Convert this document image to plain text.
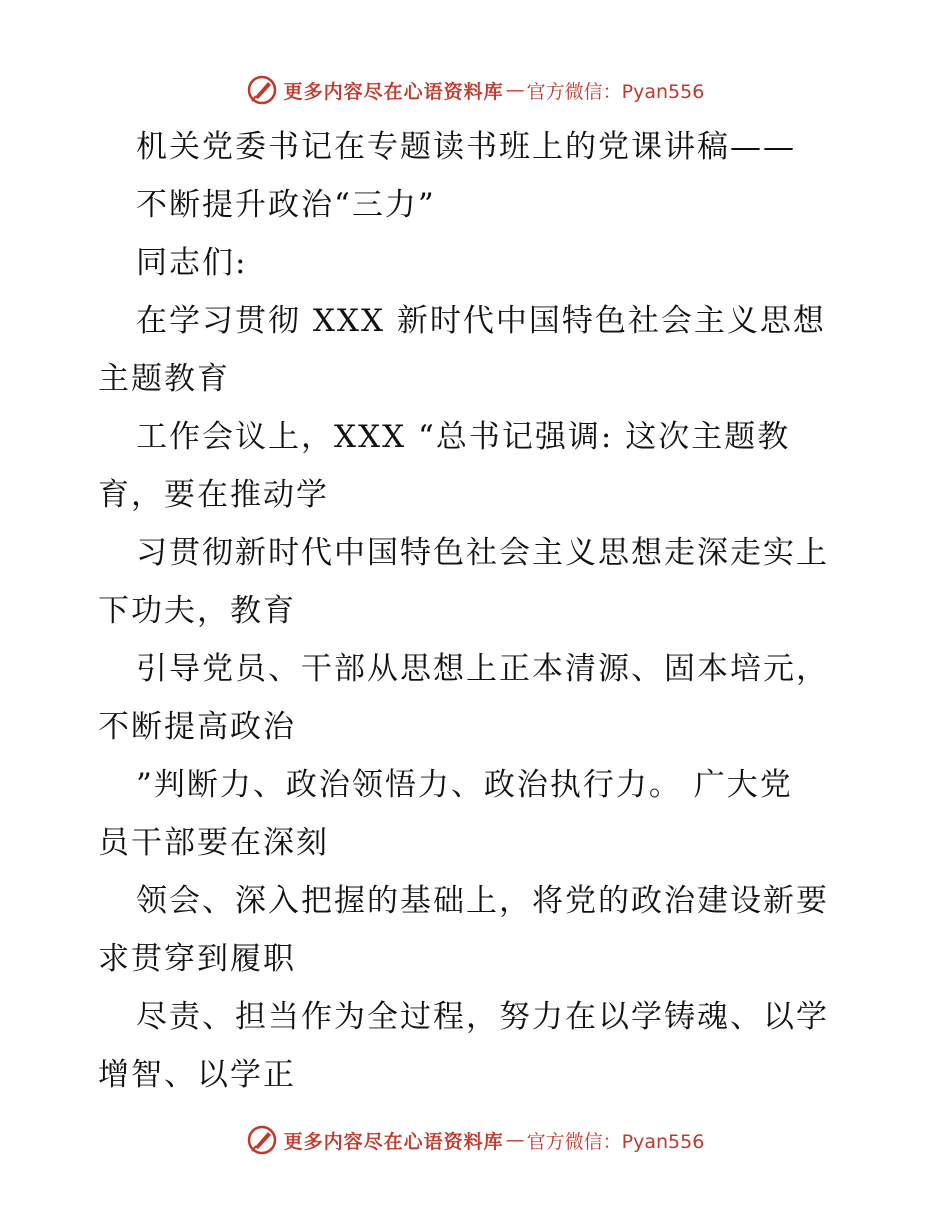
更多内容尽在心语资料库 — 官方微信：Pyan556
机关党委书记在专题读书班上的党课讲稿——
不断提升政治“三力”
同志们:
在学习贯彻 XXX 新时代中国特色社会主义思想
主题教育
工作会议上，XXX “总书记强调: 这次主题教
育，要在推动学
习贯彻新时代中国特色社会主义思想走深走实上
下功夫，教育
引导党员、干部从思想上正本清源、固本培元，
不断提高政治
”判断力、政治领悟力、政治执行力。 广大党
员干部要在深刻
领会、深入把握的基础上，将党的政治建设新要
求贯穿到履职
尽责、担当作为全过程，努力在以学铸魂、以学
增智、以学正
更多内容尽在心语资料库 — 官方微信：Pyan556
